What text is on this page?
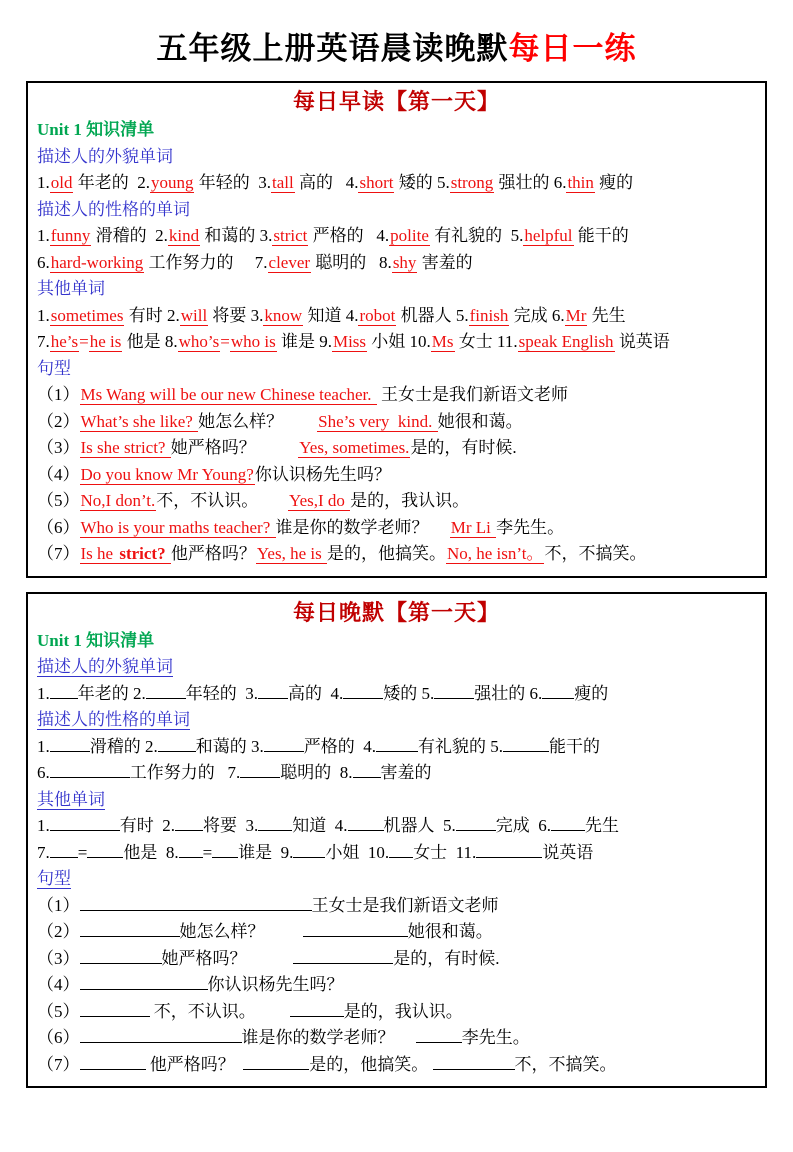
五年级上册英语晨读晚默每日一练
每日早读【第一天】

Unit 1 知识清单

描述人的外貌单词

1.old 年老的  2.young 年轻的  3.tall 高的   4.short 矮的 5.strong 强壮的 6.thin 瘦的

描述人的性格的单词

1.funny 滑稽的  2.kind 和蔼的 3.strict 严格的   4.polite 有礼貌的  5.helpful 能干的

6.hard-working 工作努力的     7.clever 聪明的   8.shy 害羞的

其他单词

1.sometimes 有时 2.will 将要 3.know 知道 4.robot 机器人 5.finish 完成 6.Mr 先生

7.he’s=he is 他是 8.who’s=who is 谁是 9.Miss 小姐 10.Ms 女士 11.speak English 说英语

句型

（1）Ms Wang will be our new Chinese teacher.  王女士是我们新语文老师

（2）What’s she like? 她怎么样？        She’s very  kind. 她很和蔼。

（3）Is she strict? 她严格吗？          Yes, sometimes.是的，有时候.

（4）Do you know Mr Young?你认识杨先生吗？

（5）No,I don’t.不，不认识。       Yes,I do 是的，我认识。

（6）Who is your maths teacher? 谁是你的数学老师？     Mr Li 李先生。

（7）Is he strict? 他严格吗？Yes, he is 是的，他搞笑。No, he isn’t。不，不搞笑。

每日晚默【第一天】

Unit 1 知识清单

描述人的外貌单词

1. 年老的 2. 年轻的  3. 高的  4. 矮的 5. 强壮的 6. 瘦的

描述人的性格的单词

1. 滑稽的 2. 和蔼的 3. 严格的  4. 有礼貌的 5.	能干的

6.	工作努力的   7. 聪明的  8. 害羞的

其他单词

1.	有时  2. 将要  3. 知道  4. 机器人  5. 完成  6. 先生

7. = 他是  8. = 谁是  9. 小姐  10. 女士  11.	说英语

句型

（1）	王女士是我们新语文老师

（2）	她怎么样？	她很和蔼。

（3）	她严格吗？	是的，有时候.

（4）	你认识杨先生吗？

（5）	不，不认识。	是的，我认识。

（6）	谁是你的数学老师？	李先生。

（7）	他严格吗？	是的，他搞笑。	不，不搞笑。
